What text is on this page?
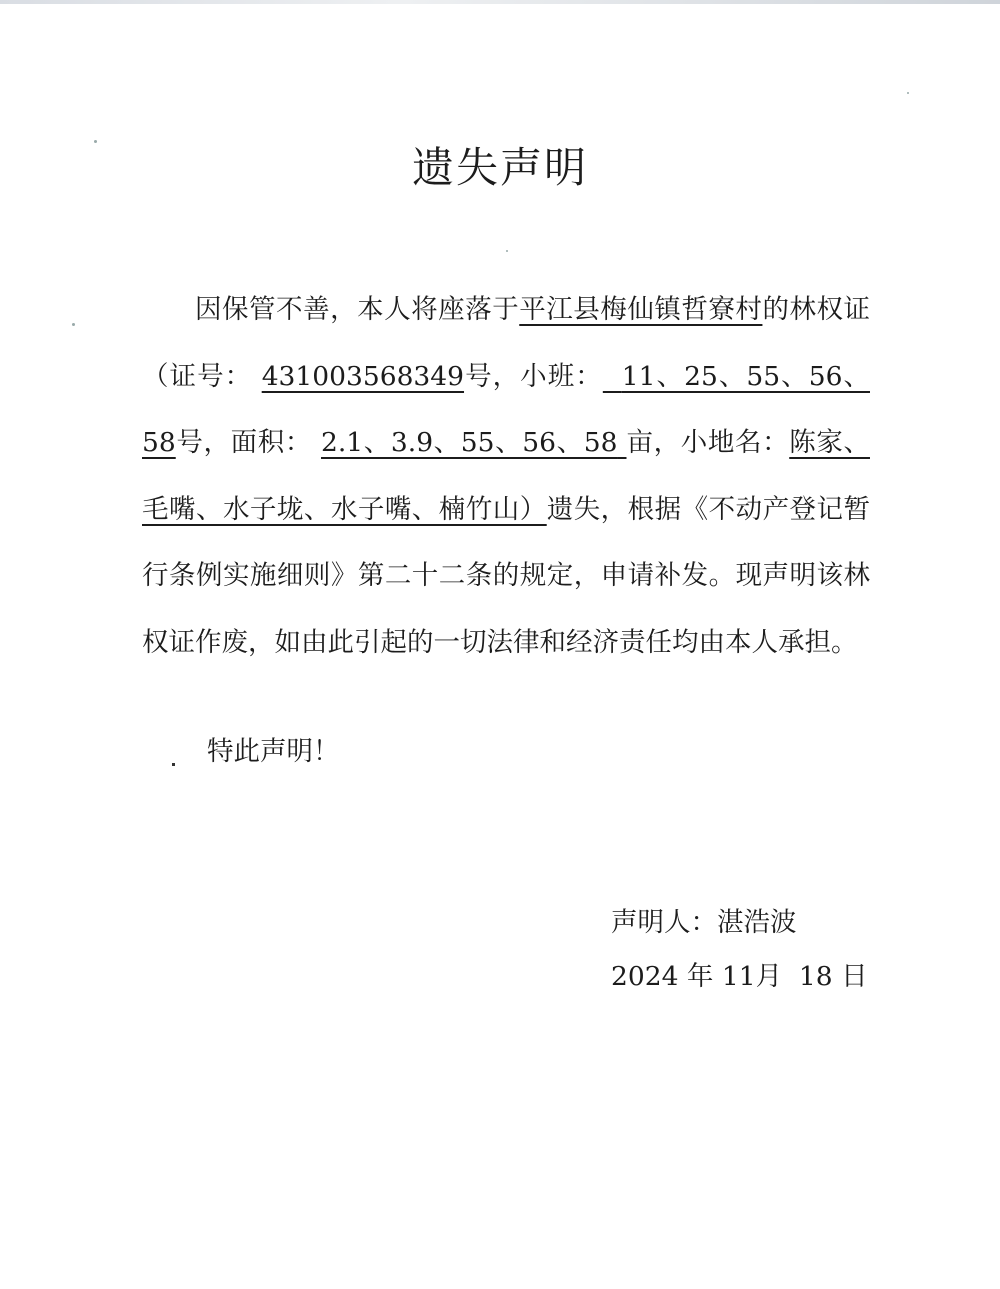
遗失声明

因保管不善，本人将座落于平江县梅仙镇哲寮村的林权证（证号： 431003568349号，小班： 11、25、55、56、58号，面积： 2.1、3.9、55、56、58 亩，小地名：陈家、毛嘴、水子垅、水子嘴、楠竹山）遗失，根据《不动产登记暂行条例实施细则》第二十二条的规定，申请补发。现声明该林权证作废，如由此引起的一切法律和经济责任均由本人承担。

特此声明！

声明人：湛浩波
2024 年 11月 18 日
